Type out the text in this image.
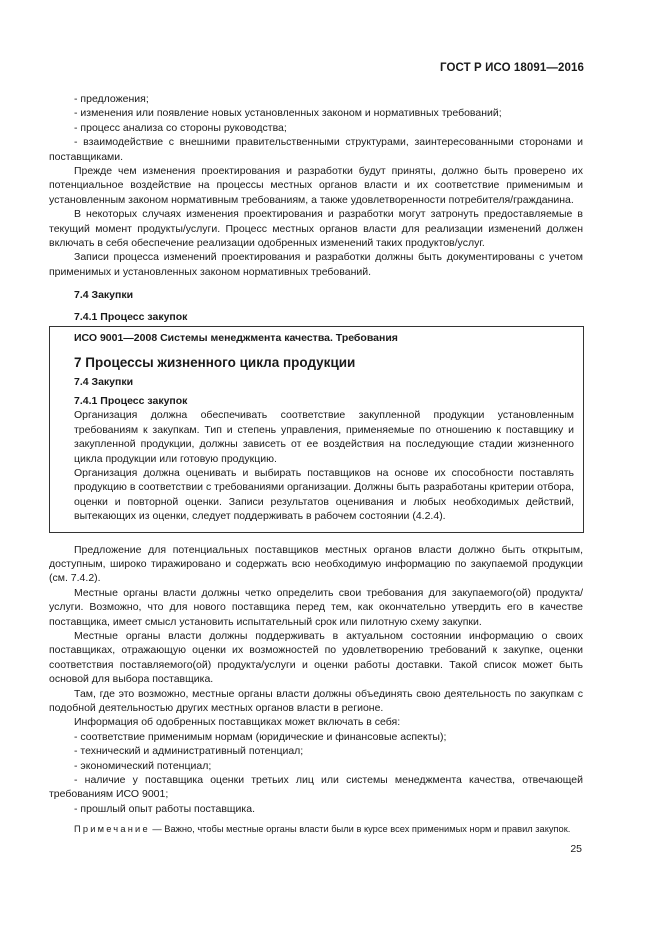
ГОСТ Р ИСО 18091—2016

- предложения;

- изменения или появление новых установленных законом и нормативных требований;

- процесс анализа со стороны руководства;

- взаимодействие с внешними правительственными структурами, заинтересованными сторонами и поставщиками.

Прежде чем изменения проектирования и разработки будут приняты, должно быть проверено их потенциальное воздействие на процессы местных органов власти и их соответствие применимым и установленным законом нормативным требованиям, а также удовлетворенности потребителя/гражданина.

В некоторых случаях изменения проектирования и разработки могут затронуть предоставляемые в текущий момент продукты/услуги. Процесс местных органов власти для реализации изменений должен включать в себя обеспечение реализации одобренных изменений таких продуктов/услуг.

Записи процесса изменений проектирования и разработки должны быть документированы с учетом применимых и установленных законом нормативных требований.

7.4 Закупки

7.4.1 Процесс закупок

ИСО 9001—2008 Системы менеджмента качества. Требования

7 Процессы жизненного цикла продукции

7.4 Закупки

7.4.1 Процесс закупок

Организация должна обеспечивать соответствие закупленной продукции установленным требованиям к закупкам. Тип и степень управления, применяемые по отношению к поставщику и закупленной продукции, должны зависеть от ее воздействия на последующие стадии жизненного цикла продукции или готовую продукцию.

Организация должна оценивать и выбирать поставщиков на основе их способности поставлять продукцию в соответствии с требованиями организации. Должны быть разработаны критерии отбора, оценки и повторной оценки. Записи результатов оценивания и любых необходимых действий, вытекающих из оценки, следует поддерживать в рабочем состоянии (4.2.4).

Предложение для потенциальных поставщиков местных органов власти должно быть открытым, доступным, широко тиражировано и содержать всю необходимую информацию по закупаемой продукции (см. 7.4.2).

Местные органы власти должны четко определить свои требования для закупаемого(ой) продукта/услуги. Возможно, что для нового поставщика перед тем, как окончательно утвердить его в качестве поставщика, имеет смысл установить испытательный срок или пилотную схему закупки.

Местные органы власти должны поддерживать в актуальном состоянии информацию о своих поставщиках, отражающую оценки их возможностей по удовлетворению требований к закупке, оценки соответствия поставляемого(ой) продукта/услуги и оценки работы доставки. Такой список может быть основой для выбора поставщика.

Там, где это возможно, местные органы власти должны объединять свою деятельность по закупкам с подобной деятельностью других местных органов власти в регионе.

Информация об одобренных поставщиках может включать в себя:

- соответствие применимым нормам (юридические и финансовые аспекты);

- технический и административный потенциал;

- экономический потенциал;

- наличие у поставщика оценки третьих лиц или системы менеджмента качества, отвечающей требованиям ИСО 9001;

- прошлый опыт работы поставщика.

Примечание — Важно, чтобы местные органы власти были в курсе всех применимых норм и правил закупок.

25
